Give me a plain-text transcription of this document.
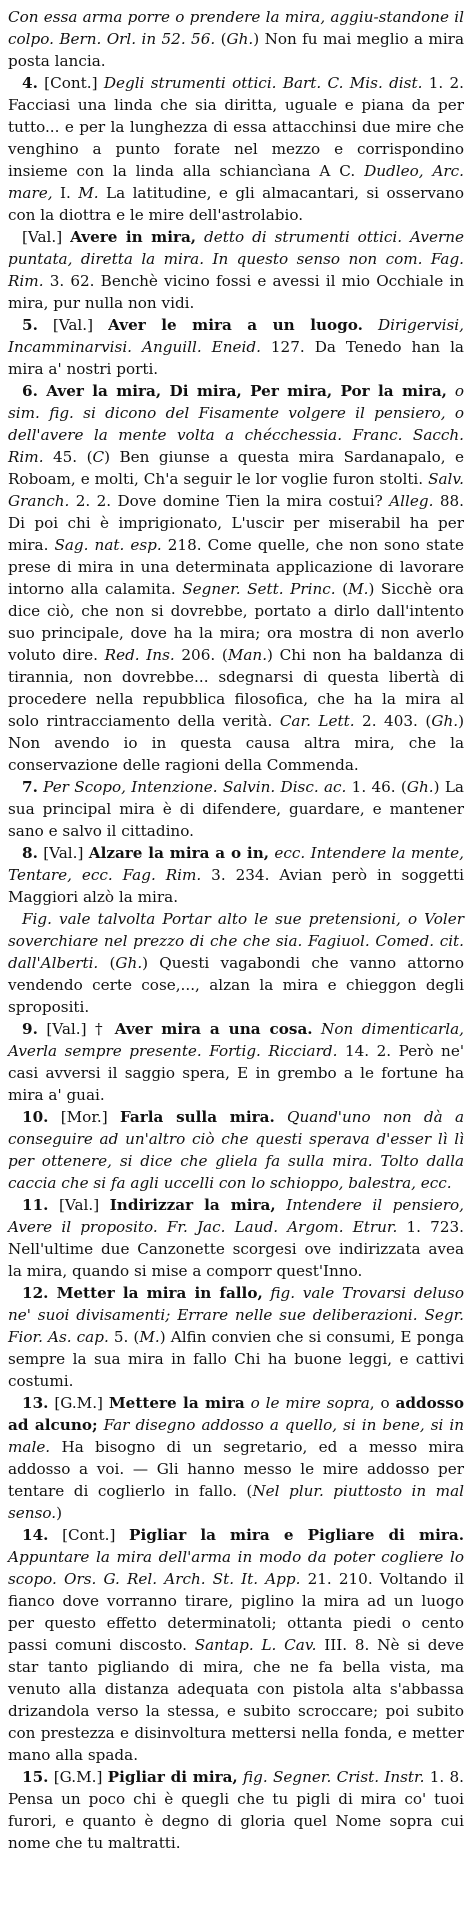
Con essa arma porre o prendere la mira, aggiu-standone il colpo. Bern. Orl. in 52. 56. (Gh.) Non fu mai meglio a mira posta lancia.

4. [Cont.] Degli strumenti ottici. Bart. C. Mis. dist. 1. 2. Facciasi una linda che sia diritta, uguale e piana da per tutto... e per la lunghezza di essa attacchinsi due mire che venghino a punto forate nel mezzo e corrispondino insieme con la linda alla schiancìana A C. Dudleo, Arc. mare, I. M. La latitudine, e gli almacantari, si osservano con la diottra e le mire dell'astrolabio.

[Val.] Avere in mira, detto di strumenti ottici. Averne puntata, diretta la mira. In questo senso non com. Fag. Rim. 3. 62. Benchè vicino fossi e avessi il mio Occhiale in mira, pur nulla non vidi.

5. [Val.] Aver le mira a un luogo. Dirigervisi, Incamminarvisi. Anguill. Eneid. 127. Da Tenedo han la mira a' nostri porti.

6. Aver la mira, Di mira, Per mira, Por la mira, o sim. fig. si dicono del Fisamente volgere il pensiero, o dell'avere la mente volta a chécchessia. Franc. Sacch. Rim. 45. (C) Ben giunse a questa mira Sardanapalo, e Roboam, e molti, Ch'a seguir le lor voglie furon stolti. Salv. Granch. 2. 2. Dove domine Tien la mira costui? Alleg. 88. Di poi chi è imprigionato, L'uscir per miserabil ha per mira. Sag. nat. esp. 218. Come quelle, che non sono state prese di mira in una determinata applicazione di lavorare intorno alla calamita. Segner. Sett. Princ. (M.) Sicchè ora dice ciò, che non si dovrebbe, portato a dirlo dall'intento suo principale, dove ha la mira; ora mostra di non averlo voluto dire. Red. Ins. 206. (Man.) Chi non ha baldanza di tirannia, non dovrebbe... sdegnarsi di questa libertà di procedere nella repubblica filosofica, che ha la mira al solo rintracciamento della verità. Car. Lett. 2. 403. (Gh.) Non avendo io in questa causa altra mira, che la conservazione delle ragioni della Commenda.

7. Per Scopo, Intenzione. Salvin. Disc. ac. 1. 46. (Gh.) La sua principal mira è di difendere, guardare, e mantener sano e salvo il cittadino.

8. [Val.] Alzare la mira a o in, ecc. Intendere la mente, Tentare, ecc. Fag. Rim. 3. 234. Avian però in soggetti Maggiori alzò la mira.

Fig. vale talvolta Portar alto le sue pretensioni, o Voler soverchiare nel prezzo di che che sia. Fagiuol. Comed. cit. dall'Alberti. (Gh.) Questi vagabondi che vanno attorno vendendo certe cose,..., alzan la mira e chieggon degli spropositi.

9. [Val.] † Aver mira a una cosa. Non dimenticarla, Averla sempre presente. Fortig. Ricciard. 14. 2. Però ne' casi avversi il saggio spera, E in grembo a le fortune ha mira a' guai.

10. [Mor.] Farla sulla mira. Quand'uno non dà a conseguire ad un'altro ciò che questi sperava d'esser lì lì per ottenere, si dice che gliela fa sulla mira. Tolto dalla caccia che si fa agli uccelli con lo schioppo, balestra, ecc.

11. [Val.] Indirizzar la mira, Intendere il pensiero, Avere il proposito. Fr. Jac. Laud. Argom. Etrur. 1. 723. Nell'ultime due Canzonette scorgesi ove indirizzata avea la mira, quando si mise a comporr quest'Inno.

12. Metter la mira in fallo, fig. vale Trovarsi deluso ne' suoi divisamenti; Errare nelle sue deliberazioni. Segr. Fior. As. cap. 5. (M.) Alfin convien che si consumi, E ponga sempre la sua mira in fallo Chi ha buone leggi, e cattivi costumi.

13. [G.M.] Mettere la mira o le mire sopra, o addosso ad alcuno; Far disegno addosso a quello, si in bene, si in male. Ha bisogno di un segretario, ed a messo mira addosso a voi. — Gli hanno messo le mire addosso per tentare di coglierlo in fallo. (Nel plur. piuttosto in mal senso.)

14. [Cont.] Pigliar la mira e Pigliare di mira. Appuntare la mira dell'arma in modo da poter cogliere lo scopo. Ors. G. Rel. Arch. St. It. App. 21. 210. Voltando il fianco dove vorranno tirare, piglino la mira ad un luogo per questo effetto determinatoli; ottanta piedi o cento passi comuni discosto. Santap. L. Cav. III. 8. Nè si deve star tanto pigliando di mira, che ne fa bella vista, ma venuto alla distanza adequata con pistola alta s'abbassa drizandola verso la stessa, e subito scroccare; poi subito con prestezza e disinvoltura mettersi nella fonda, e metter mano alla spada.

15. [G.M.] Pigliar di mira, fig. Segner. Crist. Instr. 1. 8. Pensa un poco chi è quegli che tu pigli di mira co' tuoi furori, e quanto è degno di gloria quel Nome sopra cui nome che tu maltratti.
